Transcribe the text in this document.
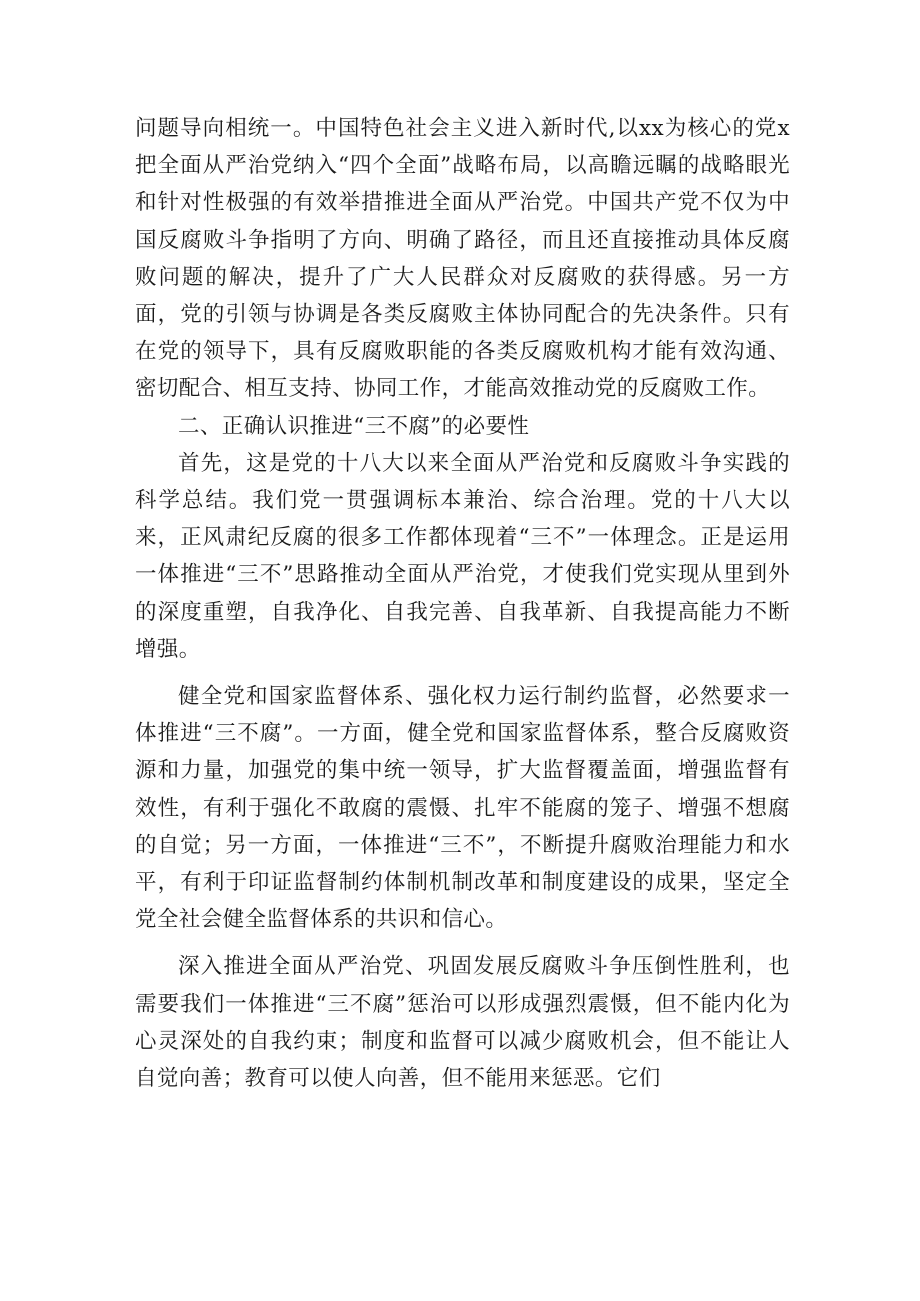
问题导向相统一。中国特色社会主义进入新时代,以xx为核心的党x把全面从严治党纳入“四个全面”战略布局，以高瞻远瞩的战略眼光和针对性极强的有效举措推进全面从严治党。中国共产党不仅为中国反腐败斗争指明了方向、明确了路径，而且还直接推动具体反腐败问题的解决，提升了广大人民群众对反腐败的获得感。另一方面，党的引领与协调是各类反腐败主体协同配合的先决条件。只有在党的领导下，具有反腐败职能的各类反腐败机构才能有效沟通、密切配合、相互支持、协同工作，才能高效推动党的反腐败工作。

二、正确认识推进“三不腐”的必要性

首先，这是党的十八大以来全面从严治党和反腐败斗争实践的科学总结。我们党一贯强调标本兼治、综合治理。党的十八大以来，正风肃纪反腐的很多工作都体现着“三不”一体理念。正是运用一体推进“三不”思路推动全面从严治党，才使我们党实现从里到外的深度重塑，自我净化、自我完善、自我革新、自我提高能力不断增强。

健全党和国家监督体系、强化权力运行制约监督，必然要求一体推进“三不腐”。一方面，健全党和国家监督体系，整合反腐败资源和力量，加强党的集中统一领导，扩大监督覆盖面，增强监督有效性，有利于强化不敢腐的震慑、扎牢不能腐的笼子、增强不想腐的自觉；另一方面，一体推进“三不”，不断提升腐败治理能力和水平，有利于印证监督制约体制机制改革和制度建设的成果，坚定全党全社会健全监督体系的共识和信心。

深入推进全面从严治党、巩固发展反腐败斗争压倒性胜利，也需要我们一体推进“三不腐”惩治可以形成强烈震慑，但不能内化为心灵深处的自我约束；制度和监督可以减少腐败机会，但不能让人自觉向善；教育可以使人向善，但不能用来惩恶。它们
